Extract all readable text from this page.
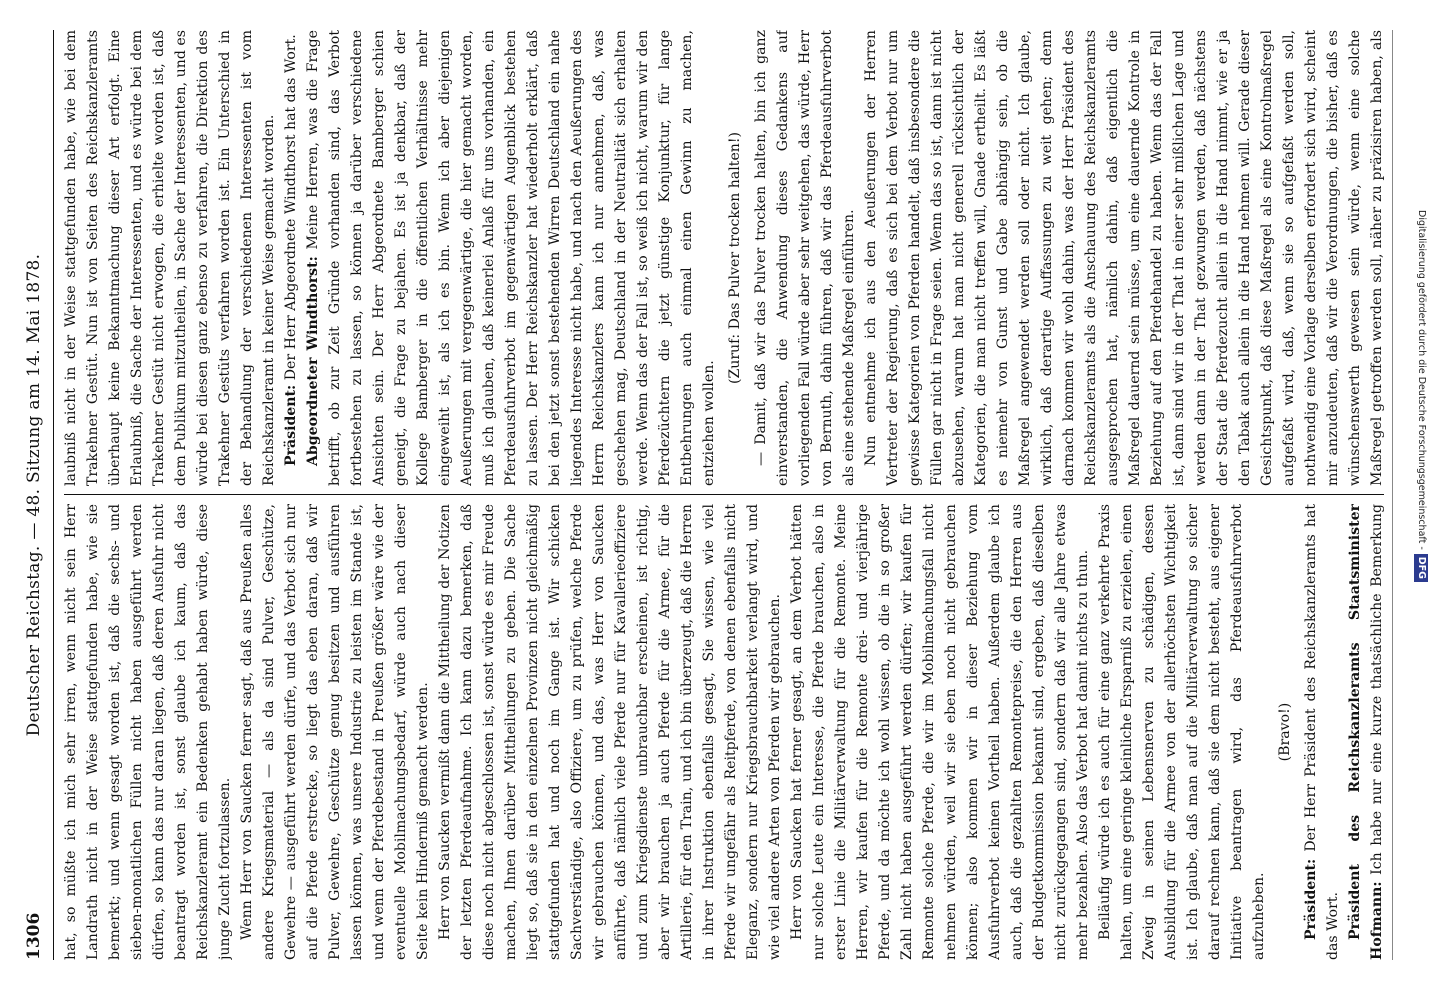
1306
Deutscher Reichstag. — 48. Sitzung am 14. Mai 1878. hat, so müßte ich mich sehr irren, wenn nicht sein Herr Landrath nicht in der Weise stattgefunden habe, wie sie bemerkt; und wenn gesagt worden ist, daß die sechs- und sieben-monatlichen Füllen nicht haben ausgeführt werden dürfen, so kann das nur daran liegen, daß deren Ausfuhr nicht beantragt worden ist, sonst glaube ich kaum, daß das Reichskanzleramt ein Bedenken gehabt haben würde, diese junge Zucht fortzulassen. Wenn Herr von Saucken ferner sagt, daß aus Preußen alles andere Kriegsmaterial — als da sind Pulver, Geschütze, Gewehre — ausgeführt werden dürfe, und das Verbot sich nur auf die Pferde erstrecke, so liegt das eben daran, daß wir Pulver, Gewehre, Geschütze genug besitzen und ausführen lassen können, was unsere Industrie zu leisten im Stande ist, und wenn der Pferdebestand in Preußen größer wäre wie der eventuelle Mobilmachungsbedarf, würde auch nach dieser Seite kein Hinderniß gemacht werden. Herr von Saucken vermißt dann die Mittheilung der Notizen der letzten Pferdeaufnahme. Ich kann dazu bemerken, daß diese noch nicht abgeschlossen ist, sonst würde es mir Freude machen, Ihnen darüber Mittheilungen zu geben. Die Sache liegt so, daß sie in den einzelnen Provinzen nicht gleichmäßig stattgefunden hat und noch im Gange ist. Wir schicken Sachverständige, also Offiziere, um zu prüfen, welche Pferde wir gebrauchen können, und das, was Herr von Saucken anführte, daß nämlich viele Pferde nur für Kavallerieoffiziere und zum Kriegsdienste unbrauchbar erscheinen, ist richtig, aber wir brauchen ja auch Pferde für die Armee, für die Artillerie, für den Train, und ich bin überzeugt, daß die Herren in ihrer Instruktion ebenfalls gesagt, Sie wissen, wie viel Pferde wir ungefähr als Reitpferde, von denen ebenfalls nicht Eleganz, sondern nur Kriegsbrauchbarkeit verlangt wird, und wie viel andere Arten von Pferden wir gebrauchen. Herr von Saucken hat ferner gesagt, an dem Verbot hätten nur solche Leute ein Interesse, die Pferde brauchen, also in erster Linie die Militärverwaltung für die Remonte. Meine Herren, wir kaufen für die Remonte drei- und vierjährige Pferde, und da möchte ich wohl wissen, ob die in so großer Zahl nicht haben ausgeführt werden dürfen; wir kaufen für Remonte solche Pferde, die wir im Mobilmachungsfall nicht nehmen würden, weil wir sie eben noch nicht gebrauchen können; also kommen wir in dieser Beziehung vom Ausfuhrverbot keinen Vortheil haben. Außerdem glaube ich auch, daß die gezahlten Remontepreise, die den Herren aus der Budgetkommission bekannt sind, ergeben, daß dieselben nicht zurückgegangen sind, sondern daß wir alle Jahre etwas mehr bezahlen. Also das Verbot hat damit nichts zu thun. Beiläufig würde ich es auch für eine ganz verkehrte Praxis halten, um eine geringe kleinliche Ersparniß zu erzielen, einen Zweig in seinen Lebensnerven zu schädigen, dessen Ausbildung für die Armee von der allerhöchsten Wichtigkeit ist. Ich glaube, daß man auf die Militärverwaltung so sicher darauf rechnen kann, daß sie dem nicht besteht, aus eigener Initiative beantragen wird, das Pferdeausfuhrverbot aufzuheben.

(Bravo!)

Präsident: Der Herr Präsident des Reichskanzleramts hat das Wort. Präsident des Reichskanzleramts Staatsminister Hofmann: Ich habe nur eine kurze thatsächliche Bemerkung

laubniß nicht in der Weise stattgefunden habe, wie bei dem Trakehner Gestüt. Nun ist von Seiten des Reichskanzleramts überhaupt keine Bekanntmachung dieser Art erfolgt. Eine Erlaubniß, die Sache der Interessenten, und es würde bei dem Trakehner Gestüt nicht erwogen, die erhielte worden ist, daß dem Publikum mitzutheilen, in Sache der Interessenten, und es würde bei diesen ganz ebenso zu verfahren, die Direktion des Trakehner Gestüts verfahren worden ist. Ein Unterschied in der Behandlung der verschiedenen Interessenten ist vom Reichskanzleramt in keiner Weise gemacht worden. Präsident: Der Herr Abgeordnete Windthorst hat das Wort. Abgeordneter Windthorst: Meine Herren, was die Frage betrifft, ob zur Zeit Gründe vorhanden sind, das Verbot fortbestehen zu lassen, so können ja darüber verschiedene Ansichten sein. Der Herr Abgeordnete Bamberger schien geneigt, die Frage zu bejahen. Es ist ja denkbar, daß der Kollege Bamberger in die öffentlichen Verhältnisse mehr eingeweiht ist, als ich es bin. Wenn ich aber diejenigen Aeußerungen mit vergegenwärtige, die hier gemacht worden, muß ich glauben, daß keinerlei Anlaß für uns vorhanden, ein Pferdeausfuhrverbot im gegenwärtigen Augenblick bestehen zu lassen. Der Herr Reichskanzler hat wiederholt erklärt, daß bei den jetzt sonst bestehenden Wirren Deutschland ein nahe liegendes Interesse nicht habe, und nach den Aeußerungen des Herrn Reichskanzlers kann ich nur annehmen, daß, was geschehen mag, Deutschland in der Neutralität sich erhalten werde. Wenn das der Fall ist, so weiß ich nicht, warum wir den Pferdezüchtern die jetzt günstige Konjunktur, für lange Entbehrungen auch einmal einen Gewinn zu machen, entziehen wollen.

(Zuruf: Das Pulver trocken halten!) — Damit, daß wir das Pulver trocken halten, bin ich ganz einverstanden, die Anwendung dieses Gedankens auf vorliegenden Fall würde aber sehr weitgehen, das würde, Herr von Bernuth, dahin führen, daß wir das Pferdeausfuhrverbot als eine stehende Maßregel einführen. Nun entnehme ich aus den Aeußerungen der Herren Vertreter der Regierung, daß es sich bei dem Verbot nur um gewisse Kategorien von Pferden handelt, daß insbesondere die Füllen gar nicht in Frage seien. Wenn das so ist, dann ist nicht abzusehen, warum hat man nicht generell rücksichtlich der Kategorien, die man nicht treffen will, Gnade ertheilt. Es läßt es niemehr von Gunst und Gabe abhängig sein, ob die Maßregel angewendet werden soll oder nicht. Ich glaube, wirklich, daß derartige Auffassungen zu weit gehen; denn darnach kommen wir wohl dahin, was der Herr Präsident des Reichskanzleramts als die Anschauung des Reichskanzleramts ausgesprochen hat, nämlich dahin, daß eigentlich die Maßregel dauernd sein müsse, um eine dauernde Kontrole in Beziehung auf den Pferdehandel zu haben. Wenn das der Fall ist, dann sind wir in der That in einer sehr mißlichen Lage und werden dann in der That gezwungen werden, daß nächstens der Staat die Pferdezucht allein in die Hand nimmt, wie er ja den Tabak auch allein in die Hand nehmen will. Gerade dieser Gesichtspunkt, daß diese Maßregel als eine Kontrolmaßregel aufgefaßt wird, daß, wenn sie so aufgefaßt werden soll, nothwendig eine Vorlage derselben erfordert sich wird, scheint mir anzudeuten, daß wir die Verordnungen, die bisher, daß es wünschenswerth gewesen sein würde, wenn eine solche Maßregel getroffen werden soll, näher zu präzisiren haben, als

Digitalisierung gefördert durch die Deutsche Forschungsgemeinschaft -DFG
